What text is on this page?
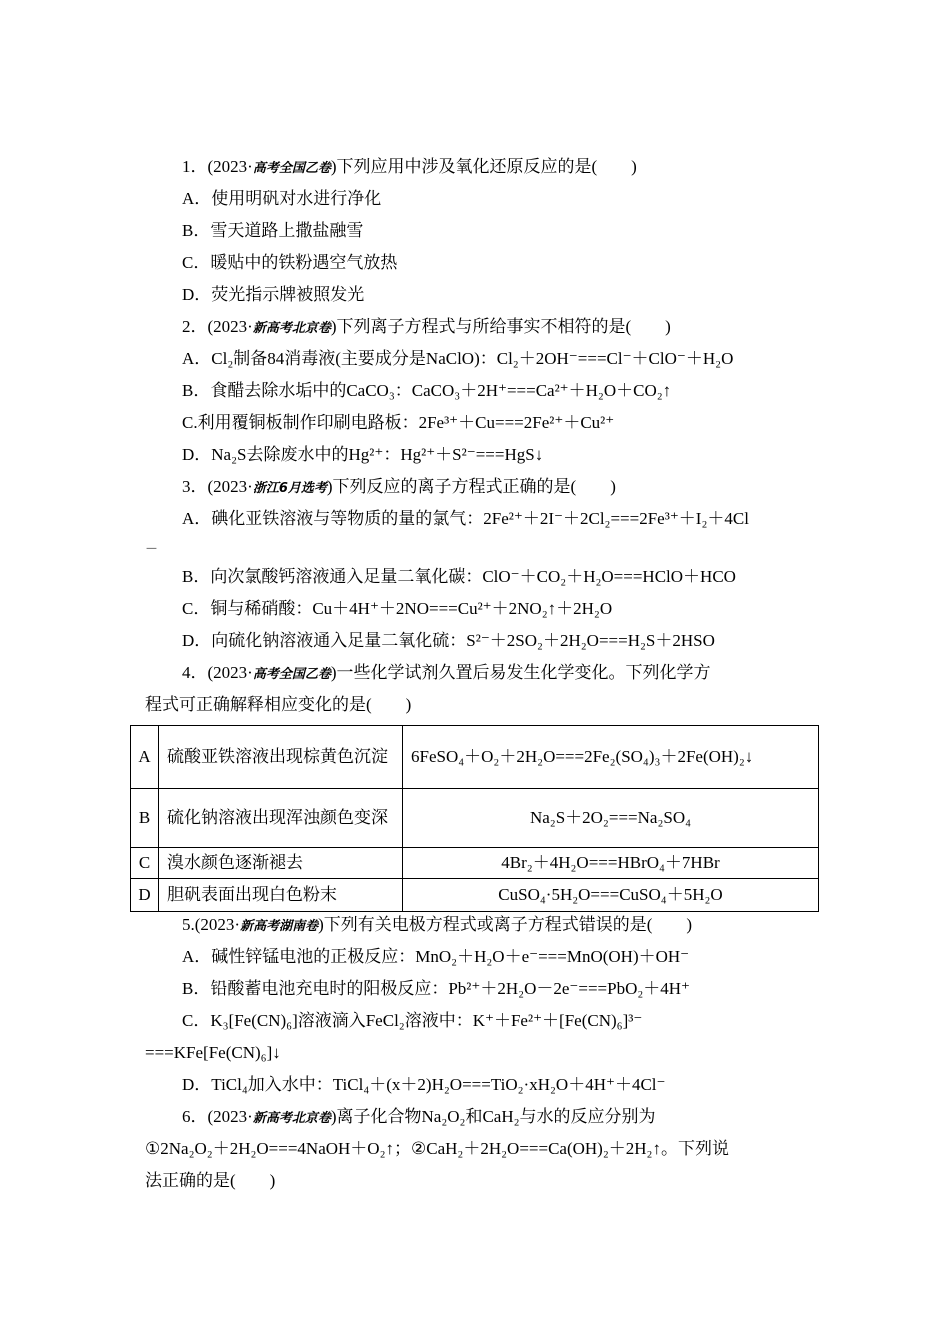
1．(2023·高考全国乙卷)下列应用中涉及氧化还原反应的是(　　)
A．使用明矾对水进行净化
B．雪天道路上撒盐融雪
C．暖贴中的铁粉遇空气放热
D．荧光指示牌被照发光
2．(2023·新高考北京卷)下列离子方程式与所给事实不相符的是(　　)
A．Cl₂制备84消毒液(主要成分是NaClO)：Cl₂＋2OH⁻===Cl⁻＋ClO⁻＋H₂O
B．食醋去除水垢中的CaCO₃：CaCO₃＋2H⁺===Ca²⁺＋H₂O＋CO₂↑
C.利用覆铜板制作印刷电路板：2Fe³⁺＋Cu===2Fe²⁺＋Cu²⁺
D．Na₂S去除废水中的Hg²⁺：Hg²⁺＋S²⁻===HgS↓
3．(2023·浙江6月选考)下列反应的离子方程式正确的是(　　)
A．碘化亚铁溶液与等物质的量的氯气：2Fe²⁺＋2I⁻＋2Cl₂===2Fe³⁺＋I₂＋4Cl
－
B．向次氯酸钙溶液通入足量二氧化碳：ClO⁻＋CO₂＋H₂O===HClO＋HCO
C．铜与稀硝酸：Cu＋4H⁺＋2NO===Cu²⁺＋2NO₂↑＋2H₂O
D．向硫化钠溶液通入足量二氧化硫：S²⁻＋2SO₂＋2H₂O===H₂S＋2HSO
4．(2023·高考全国乙卷)一些化学试剂久置后易发生化学变化。下列化学方
程式可正确解释相应变化的是(　　)
A	硫酸亚铁溶液出现棕黄色沉淀	6FeSO₄＋O₂＋2H₂O===2Fe₂(SO₄)₃＋2Fe(OH)₂↓
B	硫化钠溶液出现浑浊颜色变深	Na₂S＋2O₂===Na₂SO₄
C	溴水颜色逐渐褪去	4Br₂＋4H₂O===HBrO₄＋7HBr
D	胆矾表面出现白色粉末	CuSO₄·5H₂O===CuSO₄＋5H₂O
5.(2023·新高考湖南卷)下列有关电极方程式或离子方程式错误的是(　　)
A．碱性锌锰电池的正极反应：MnO₂＋H₂O＋e⁻===MnO(OH)＋OH⁻
B．铅酸蓄电池充电时的阳极反应：Pb²⁺＋2H₂O－2e⁻===PbO₂＋4H⁺
C．K₃[Fe(CN)₆]溶液滴入FeCl₂溶液中：K⁺＋Fe²⁺＋[Fe(CN)₆]³⁻
===KFe[Fe(CN)₆]↓
D．TiCl₄加入水中：TiCl₄＋(x＋2)H₂O===TiO₂·xH₂O＋4H⁺＋4Cl⁻
6．(2023·新高考北京卷)离子化合物Na₂O₂和CaH₂与水的反应分别为
①2Na₂O₂＋2H₂O===4NaOH＋O₂↑；②CaH₂＋2H₂O===Ca(OH)₂＋2H₂↑。下列说
法正确的是(　　)
